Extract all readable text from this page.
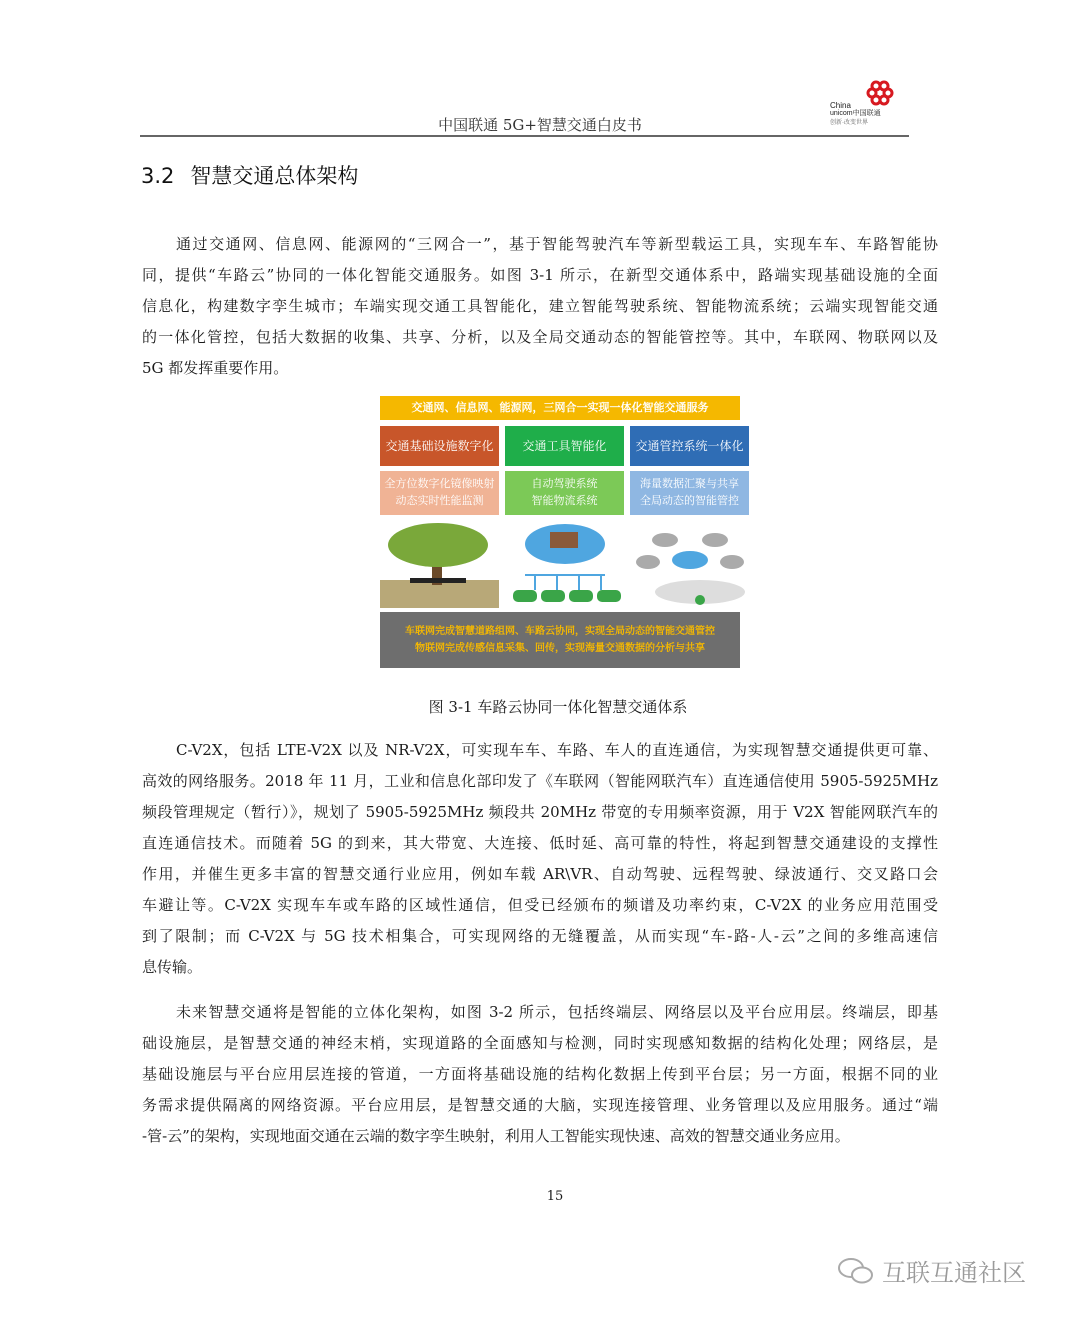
China
unicom中国联通
创新·改变世界
中国联通 5G+智慧交通白皮书
3.2 智慧交通总体架构
通过交通网、信息网、能源网的“三网合一”，基于智能驾驶汽车等新型载运工具，实现车车、车路智能协
同，提供“车路云”协同的一体化智能交通服务。如图 3-1 所示，在新型交通体系中，路端实现基础设施的全面
信息化，构建数字孪生城市；车端实现交通工具智能化，建立智能驾驶系统、智能物流系统；云端实现智能交通
的一体化管控，包括大数据的收集、共享、分析，以及全局交通动态的智能管控等。其中，车联网、物联网以及
5G 都发挥重要作用。
交通网、信息网、能源网，三网合一实现一体化智能交通服务
交通基础设施数字化
全方位数字化镜像映射
动态实时性能监测
交通工具智能化
自动驾驶系统
智能物流系统
交通管控系统一体化
海量数据汇聚与共享
全局动态的智能管控
车联网完成智慧道路组网、车路云协同，实现全局动态的智能交通管控
物联网完成传感信息采集、回传，实现海量交通数据的分析与共享
图 3-1 车路云协同一体化智慧交通体系
C-V2X，包括 LTE-V2X 以及 NR-V2X，可实现车车、车路、车人的直连通信，为实现智慧交通提供更可靠、
高效的网络服务。2018 年 11 月，工业和信息化部印发了《车联网（智能网联汽车）直连通信使用 5905-5925MHz
频段管理规定（暂行）》，规划了 5905-5925MHz 频段共 20MHz 带宽的专用频率资源，用于 V2X 智能网联汽车的
直连通信技术。而随着 5G 的到来，其大带宽、大连接、低时延、高可靠的特性，将起到智慧交通建设的支撑性
作用，并催生更多丰富的智慧交通行业应用，例如车载 AR\VR、自动驾驶、远程驾驶、绿波通行、交叉路口会
车避让等。C-V2X 实现车车或车路的区域性通信，但受已经颁布的频谱及功率约束，C-V2X 的业务应用范围受
到了限制；而 C-V2X 与 5G 技术相集合，可实现网络的无缝覆盖，从而实现“车-路-人-云”之间的多维高速信
息传输。
未来智慧交通将是智能的立体化架构，如图 3-2 所示，包括终端层、网络层以及平台应用层。终端层，即基
础设施层，是智慧交通的神经末梢，实现道路的全面感知与检测，同时实现感知数据的结构化处理；网络层，是
基础设施层与平台应用层连接的管道，一方面将基础设施的结构化数据上传到平台层；另一方面，根据不同的业
务需求提供隔离的网络资源。平台应用层，是智慧交通的大脑，实现连接管理、业务管理以及应用服务。通过“端
-管-云”的架构，实现地面交通在云端的数字孪生映射，利用人工智能实现快速、高效的智慧交通业务应用。
15
互联互通社区
